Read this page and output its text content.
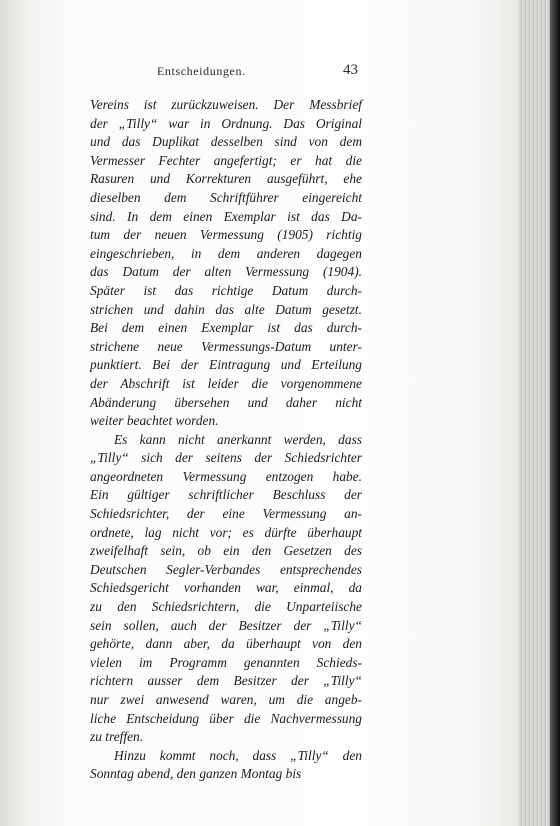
Entscheidungen.	43
Vereins ist zurückzuweisen. Der Messbrief
der „Tilly“ war in Ordnung. Das Original
und das Duplikat desselben sind von dem
Vermesser Fechter angefertigt; er hat die
Rasuren und Korrekturen ausgeführt, ehe
dieselben dem Schriftführer eingereicht
sind. In dem einen Exemplar ist das Da-
tum der neuen Vermessung (1905) richtig
eingeschrieben, in dem anderen dagegen
das Datum der alten Vermessung (1904).
Später ist das richtige Datum durch-
strichen und dahin das alte Datum gesetzt.
Bei dem einen Exemplar ist das durch-
strichene neue Vermessungs-Datum unter-
punktiert. Bei der Eintragung und Erteilung
der Abschrift ist leider die vorgenommene
Abänderung übersehen und daher nicht
weiter beachtet worden.
Es kann nicht anerkannt werden, dass
„Tilly“ sich der seitens der Schiedsrichter
angeordneten Vermessung entzogen habe.
Ein gültiger schriftlicher Beschluss der
Schiedsrichter, der eine Vermessung an-
ordnete, lag nicht vor; es dürfte überhaupt
zweifelhaft sein, ob ein den Gesetzen des
Deutschen Segler-Verbandes entsprechendes
Schiedsgericht vorhanden war, einmal, da
zu den Schiedsrichtern, die Unparteiische
sein sollen, auch der Besitzer der „Tilly“
gehörte, dann aber, da überhaupt von den
vielen im Programm genannten Schieds-
richtern ausser dem Besitzer der „Tilly“
nur zwei anwesend waren, um die angeb-
liche Entscheidung über die Nachvermessung
zu treffen.
Hinzu kommt noch, dass „Tilly“ den
Sonntag abend, den ganzen Montag bis
